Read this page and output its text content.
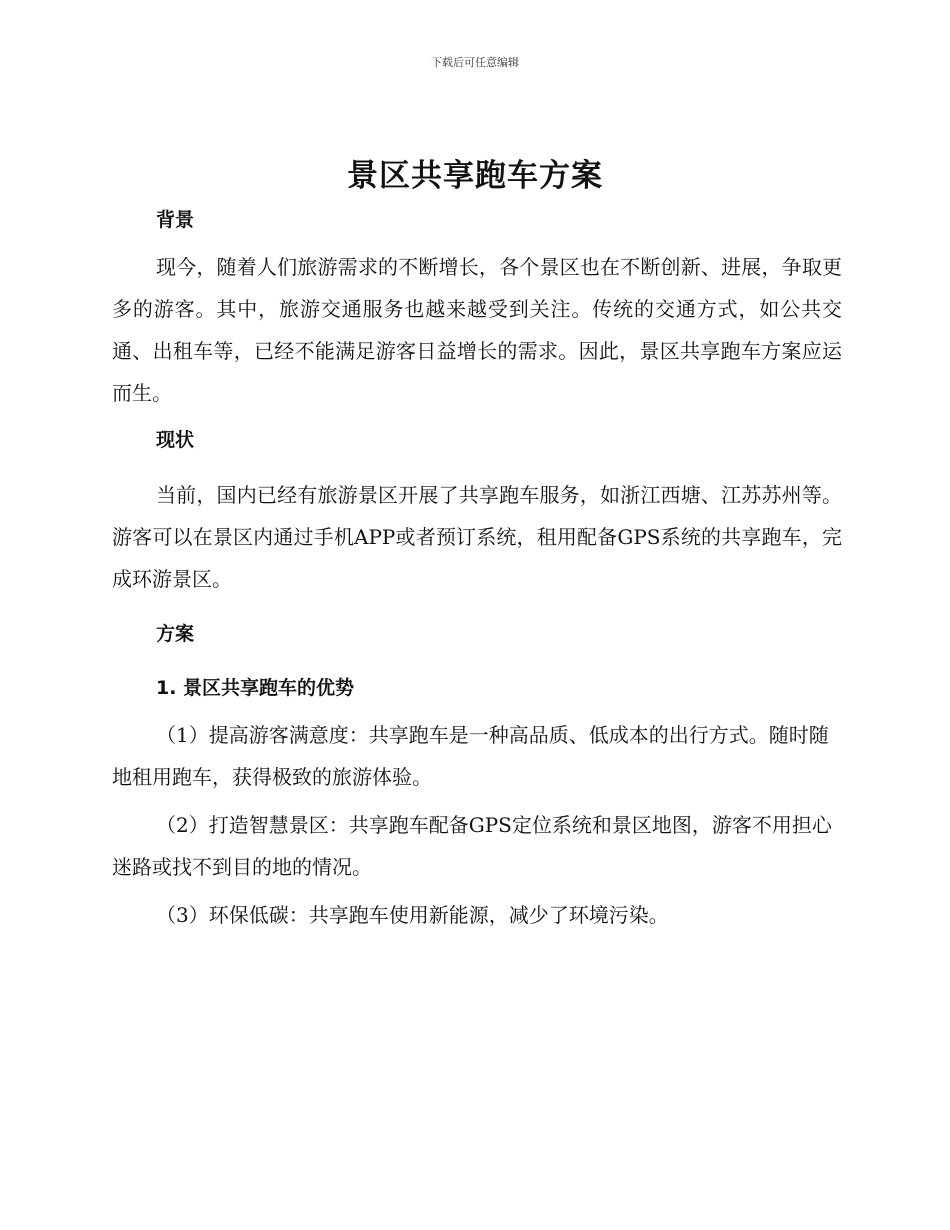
下载后可任意编辑
景区共享跑车方案

背景

现今，随着人们旅游需求的不断增长，各个景区也在不断创新、进展，争取更多的游客。其中，旅游交通服务也越来越受到关注。传统的交通方式，如公共交通、出租车等，已经不能满足游客日益增长的需求。因此，景区共享跑车方案应运而生。

现状

当前，国内已经有旅游景区开展了共享跑车服务，如浙江西塘、江苏苏州等。游客可以在景区内通过手机APP或者预订系统，租用配备GPS系统的共享跑车，完成环游景区。

方案

1. 景区共享跑车的优势

（1）提高游客满意度：共享跑车是一种高品质、低成本的出行方式。随时随地租用跑车，获得极致的旅游体验。

（2）打造智慧景区：共享跑车配备GPS定位系统和景区地图，游客不用担心迷路或找不到目的地的情况。

（3）环保低碳：共享跑车使用新能源，减少了环境污染。
